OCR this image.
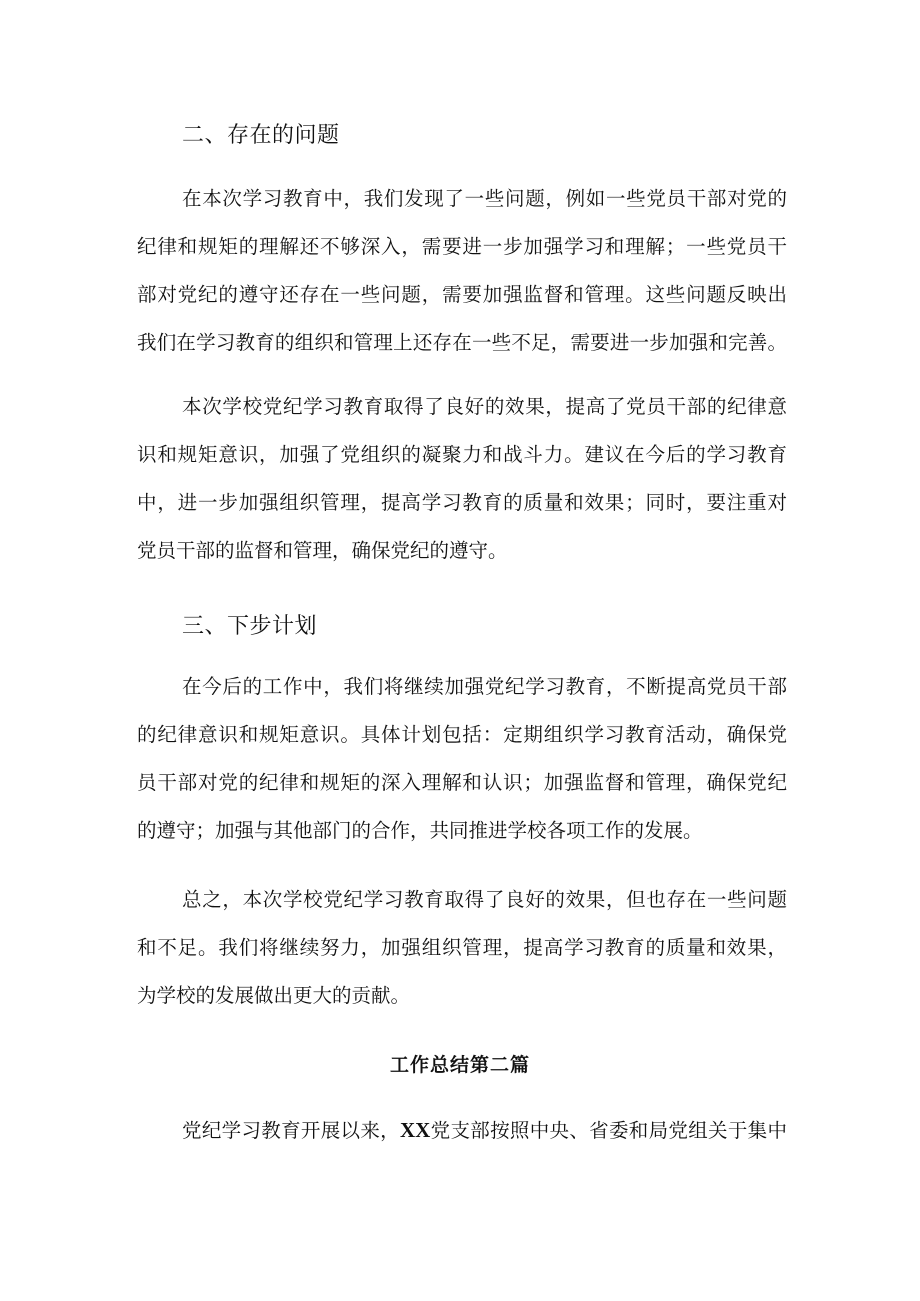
二、存在的问题
在本次学习教育中，我们发现了一些问题，例如一些党员干部对党的
纪律和规矩的理解还不够深入，需要进一步加强学习和理解；一些党员干
部对党纪的遵守还存在一些问题，需要加强监督和管理。这些问题反映出
我们在学习教育的组织和管理上还存在一些不足，需要进一步加强和完善。
本次学校党纪学习教育取得了良好的效果，提高了党员干部的纪律意
识和规矩意识，加强了党组织的凝聚力和战斗力。建议在今后的学习教育
中，进一步加强组织管理，提高学习教育的质量和效果；同时，要注重对
党员干部的监督和管理，确保党纪的遵守。
三、下步计划
在今后的工作中，我们将继续加强党纪学习教育，不断提高党员干部
的纪律意识和规矩意识。具体计划包括：定期组织学习教育活动，确保党
员干部对党的纪律和规矩的深入理解和认识；加强监督和管理，确保党纪
的遵守；加强与其他部门的合作，共同推进学校各项工作的发展。
总之，本次学校党纪学习教育取得了良好的效果，但也存在一些问题
和不足。我们将继续努力，加强组织管理，提高学习教育的质量和效果，
为学校的发展做出更大的贡献。
工作总结第二篇
党纪学习教育开展以来，XX党支部按照中央、省委和局党组关于集中
